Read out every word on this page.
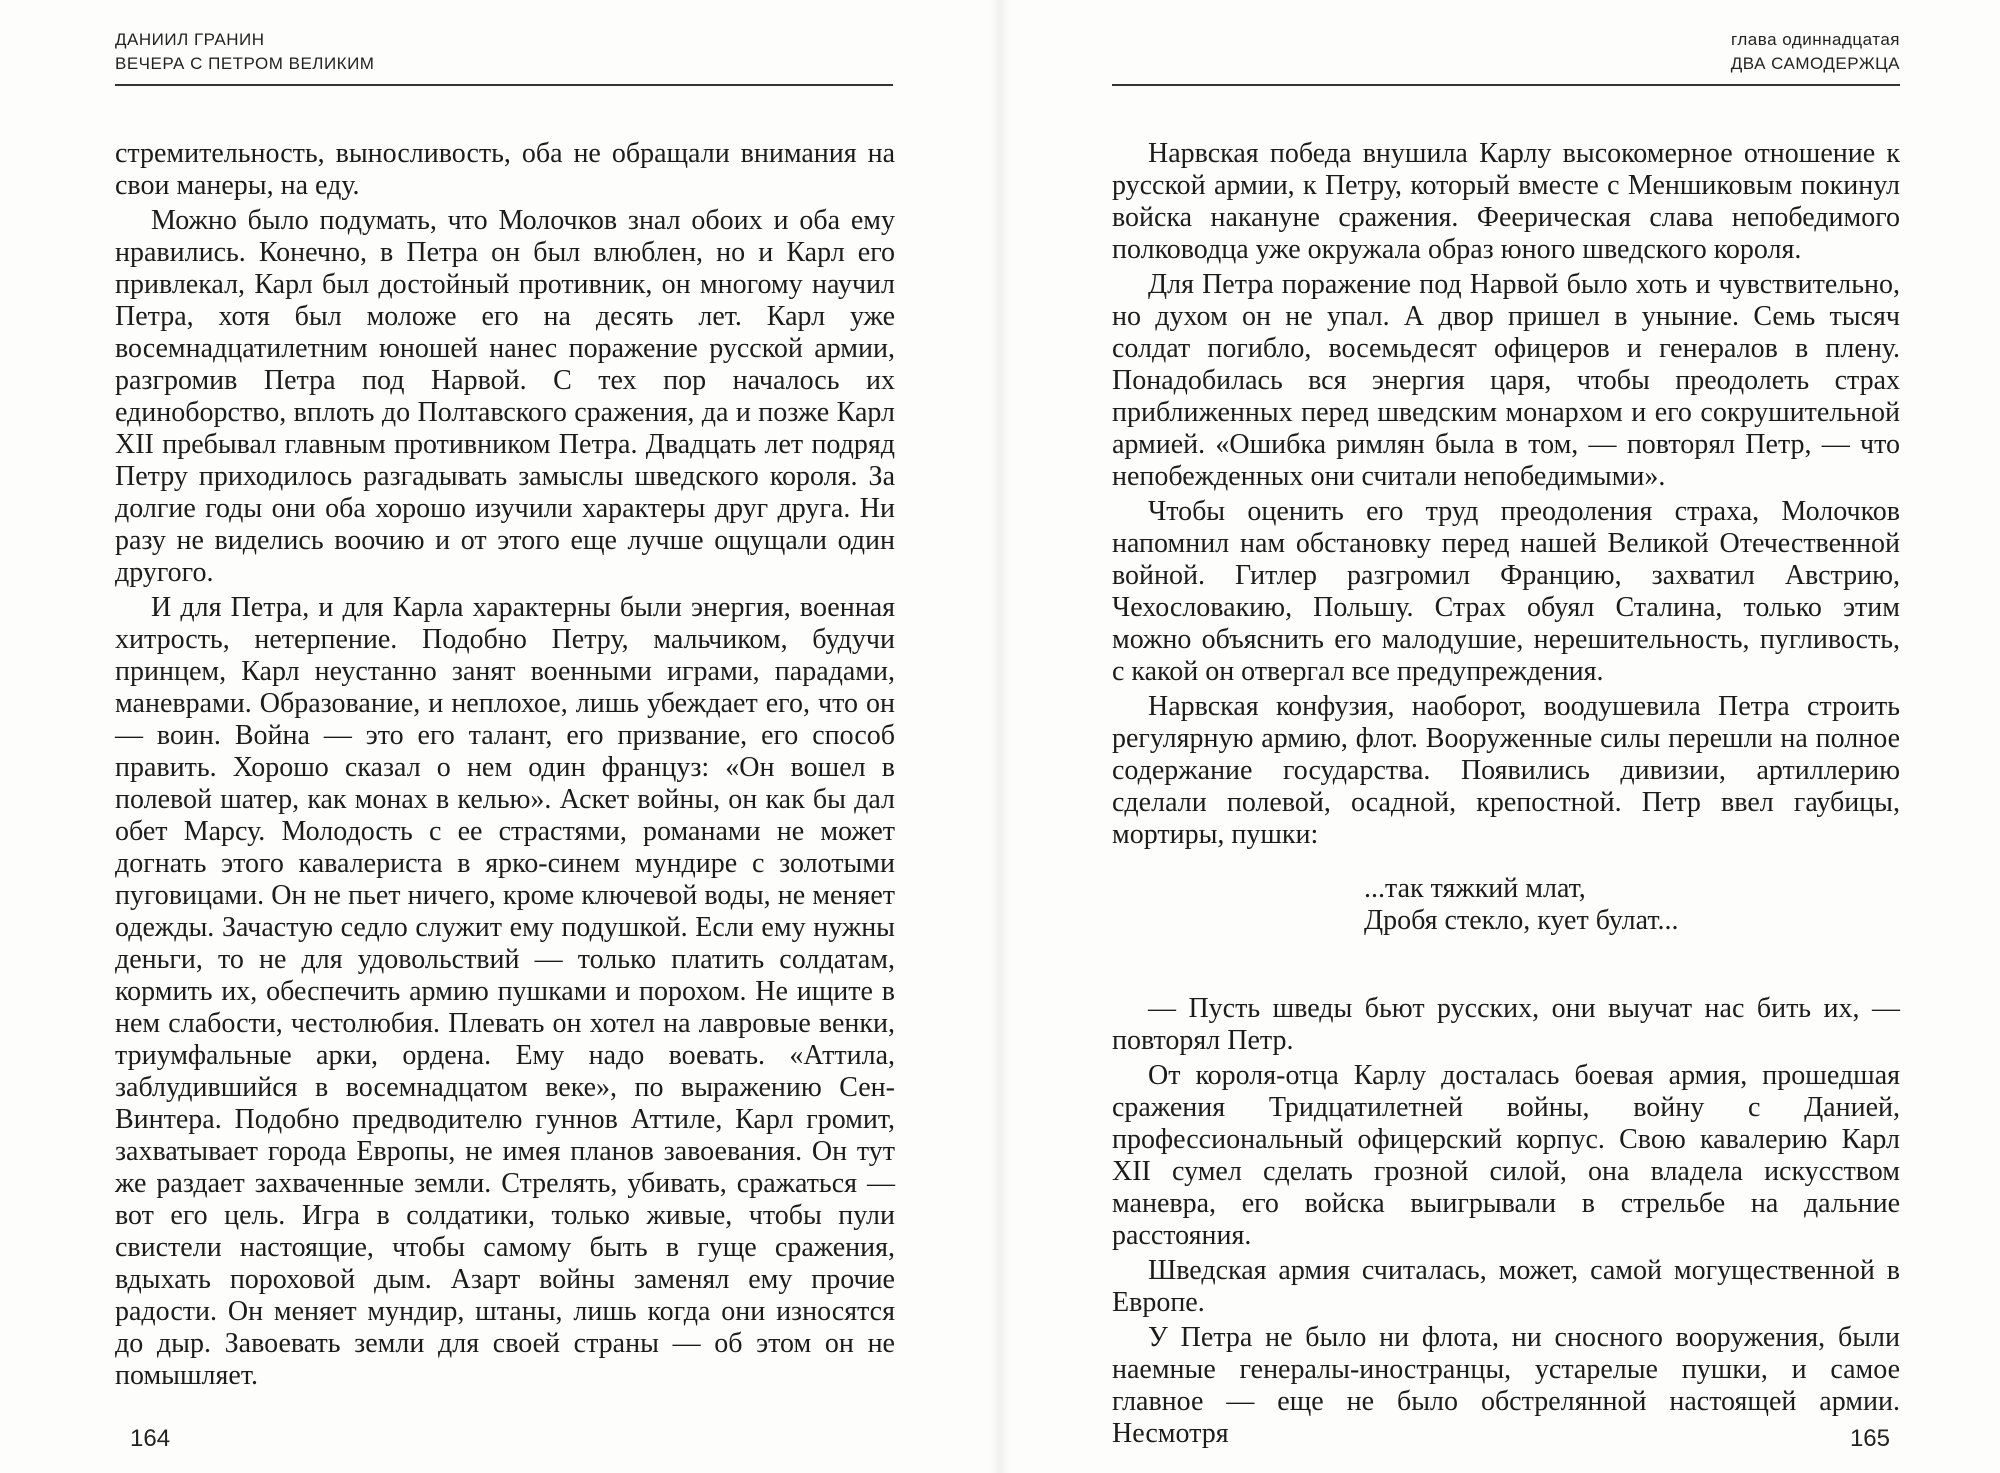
ДАНИИЛ ГРАНИН
ВЕЧЕРА С ПЕТРОМ ВЕЛИКИМ

стремительность, выносливость, оба не обращали внимания на свои манеры, на еду.

Можно было подумать, что Молочков знал обоих и оба ему нравились. Конечно, в Петра он был влюблен, но и Карл его привлекал, Карл был достойный противник, он многому научил Петра, хотя был моложе его на десять лет. Карл уже восемнадцатилетним юношей нанес поражение русской армии, разгромив Петра под Нарвой. С тех пор началось их единоборство, вплоть до Полтавского сражения, да и позже Карл XII пребывал главным противником Петра. Двадцать лет подряд Петру приходилось разгадывать замыслы шведского короля. За долгие годы они оба хорошо изучили характеры друг друга. Ни разу не виделись воочию и от этого еще лучше ощущали один другого.

И для Петра, и для Карла характерны были энергия, военная хитрость, нетерпение. Подобно Петру, мальчиком, будучи принцем, Карл неустанно занят военными играми, парадами, маневрами. Образование, и неплохое, лишь убеждает его, что он — воин. Война — это его талант, его призвание, его способ править. Хорошо сказал о нем один француз: «Он вошел в полевой шатер, как монах в келью». Аскет войны, он как бы дал обет Марсу. Молодость с ее страстями, романами не может догнать этого кавалериста в ярко-синем мундире с золотыми пуговицами. Он не пьет ничего, кроме ключевой воды, не меняет одежды. Зачастую седло служит ему подушкой. Если ему нужны деньги, то не для удовольствий — только платить солдатам, кормить их, обеспечить армию пушками и порохом. Не ищите в нем слабости, честолюбия. Плевать он хотел на лавровые венки, триумфальные арки, ордена. Ему надо воевать. «Аттила, заблудившийся в восемнадцатом веке», по выражению Сен-Винтера. Подобно предводителю гуннов Аттиле, Карл громит, захватывает города Европы, не имея планов завоевания. Он тут же раздает захваченные земли. Стрелять, убивать, сражаться — вот его цель. Игра в солдатики, только живые, чтобы пули свистели настоящие, чтобы самому быть в гуще сражения, вдыхать пороховой дым. Азарт войны заменял ему прочие радости. Он меняет мундир, штаны, лишь когда они износятся до дыр. Завоевать земли для своей страны — об этом он не помышляет.

164
глава одиннадцатая
ДВА САМОДЕРЖЦА

Нарвская победа внушила Карлу высокомерное отношение к русской армии, к Петру, который вместе с Меншиковым покинул войска накануне сражения. Феерическая слава непобедимого полководца уже окружала образ юного шведского короля.

Для Петра поражение под Нарвой было хоть и чувствительно, но духом он не упал. А двор пришел в уныние. Семь тысяч солдат погибло, восемьдесят офицеров и генералов в плену. Понадобилась вся энергия царя, чтобы преодолеть страх приближенных перед шведским монархом и его сокрушительной армией. «Ошибка римлян была в том, — повторял Петр, — что непобежденных они считали непобедимыми».

Чтобы оценить его труд преодоления страха, Молочков напомнил нам обстановку перед нашей Великой Отечественной войной. Гитлер разгромил Францию, захватил Австрию, Чехословакию, Польшу. Страх обуял Сталина, только этим можно объяснить его малодушие, нерешительность, пугливость, с какой он отвергал все предупреждения.

Нарвская конфузия, наоборот, воодушевила Петра строить регулярную армию, флот. Вооруженные силы перешли на полное содержание государства. Появились дивизии, артиллерию сделали полевой, осадной, крепостной. Петр ввел гаубицы, мортиры, пушки:

...так тяжкий млат,
Дробя стекло, кует булат...

— Пусть шведы бьют русских, они выучат нас бить их, — повторял Петр.

От короля-отца Карлу досталась боевая армия, прошедшая сражения Тридцатилетней войны, войну с Данией, профессиональный офицерский корпус. Свою кавалерию Карл XII сумел сделать грозной силой, она владела искусством маневра, его войска выигрывали в стрельбе на дальние расстояния.

Шведская армия считалась, может, самой могущественной в Европе.

У Петра не было ни флота, ни сносного вооружения, были наемные генералы-иностранцы, устарелые пушки, и самое главное — еще не было обстрелянной настоящей армии. Несмотря	165
